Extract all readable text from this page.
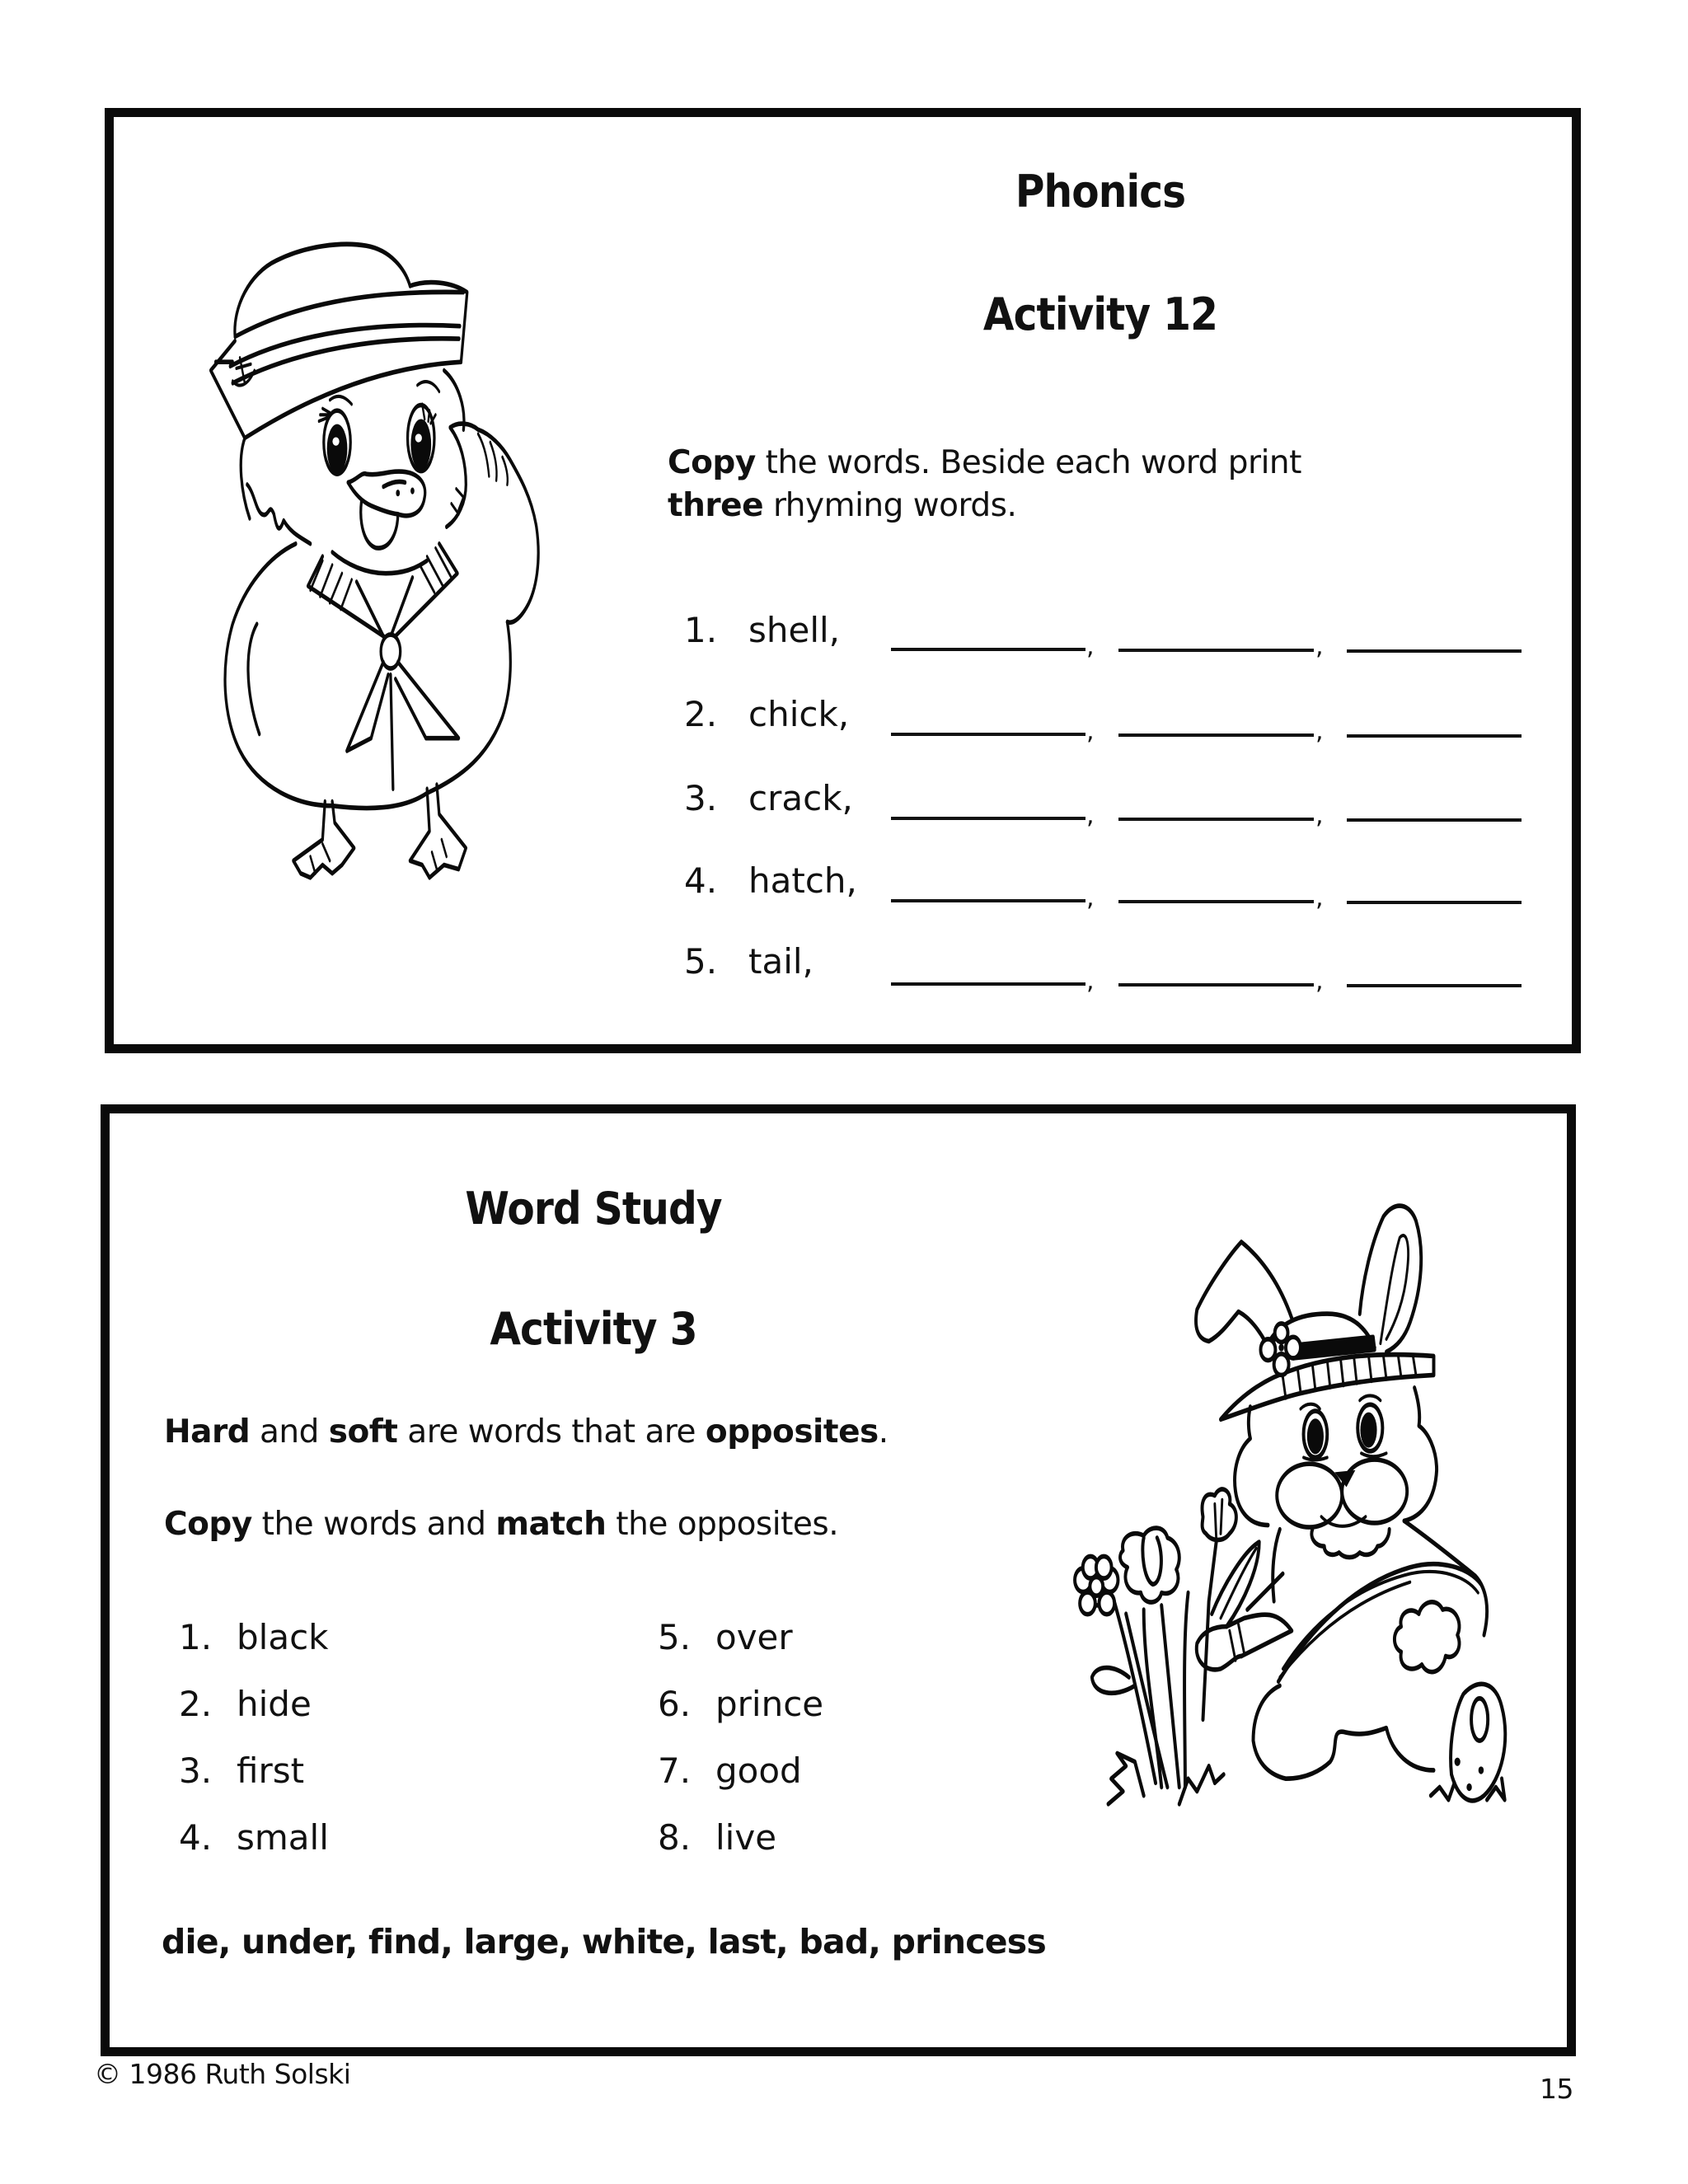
Phonics
Activity 12
Copy the words. Beside each word print
three rhyming words.
1. shell,	,	,
2. chick,	,	,
3. crack,	,	,
4. hatch,	,	,
5. tail,	,	,
Word Study
Activity 3
Hard and soft are words that are opposites.
Copy the words and match the opposites.
1. black	5. over
2. hide	6. prince
3. first	7. good
4. small	8. live
die, under, find, large, white, last, bad, princess
© 1986 Ruth Solski	15
